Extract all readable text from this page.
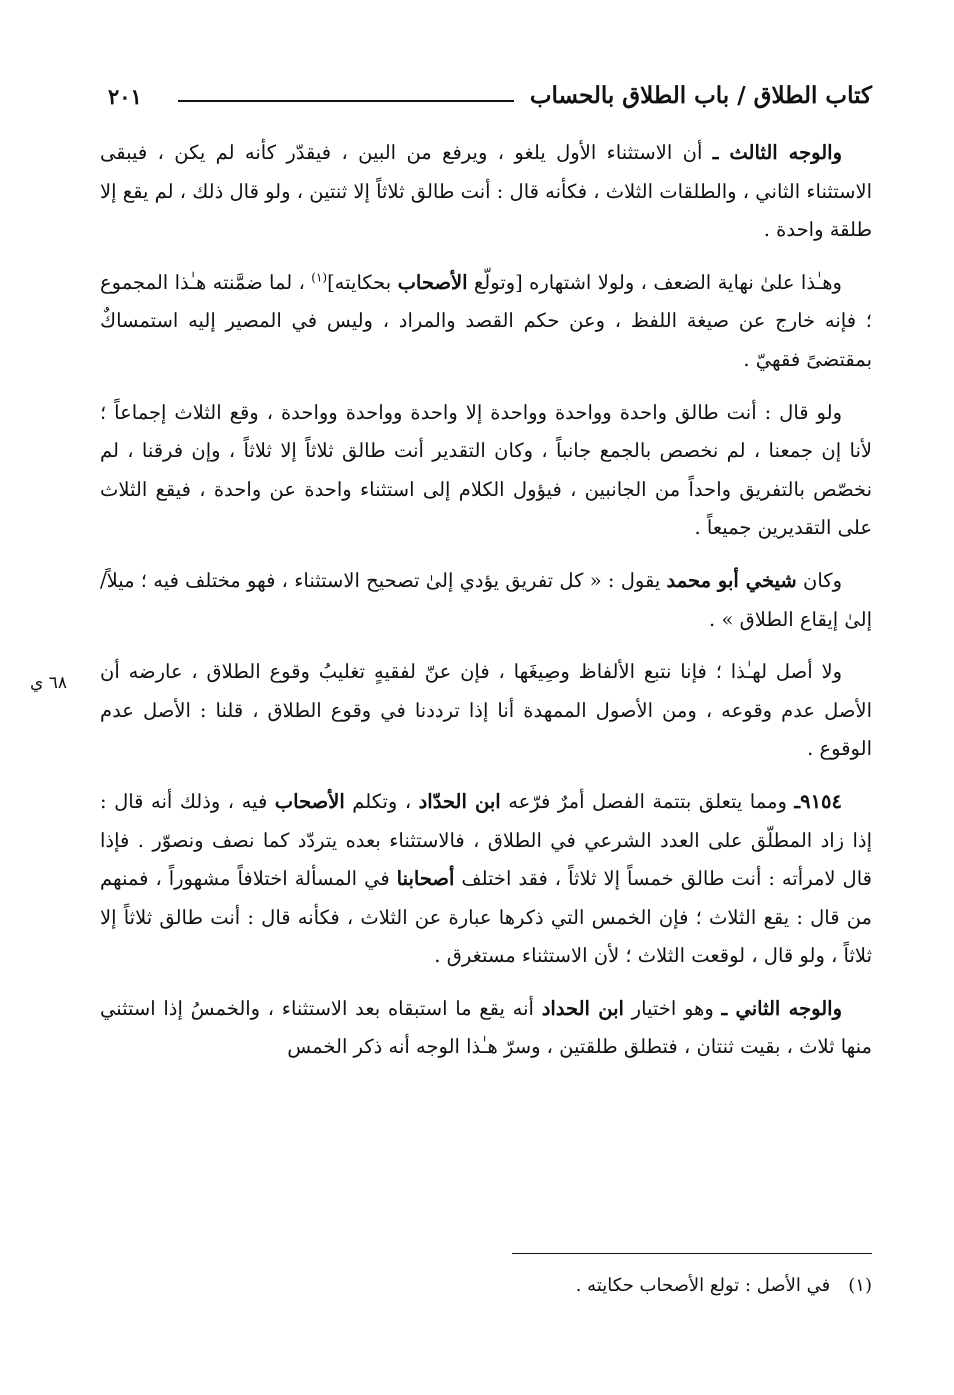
كتاب الطلاق / باب الطلاق بالحساب
٢٠١

والوجه الثالث ـ أن الاستثناء الأول يلغو ، ويرفع من البين ، فيقدّر كأنه لم يكن ، فيبقى الاستثناء الثاني ، والطلقات الثلاث ، فكأنه قال : أنت طالق ثلاثاً إلا ثنتين ، ولو قال ذلك ، لم يقع إلا طلقة واحدة .

وهـٰذا علىٰ نهاية الضعف ، ولولا اشتهاره [وتولّع الأصحاب بحكايته]$^{(١)}$ ، لما ضمَّنته هـٰذا المجموع ؛ فإنه خارج عن صيغة اللفظ ، وعن حكم القصد والمراد ، وليس في المصير إليه استمساكٌ بمقتضىً فقهيّ .

ولو قال : أنت طالق واحدة وواحدة وواحدة إلا واحدة وواحدة وواحدة ، وقع الثلاث إجماعاً ؛ لأنا إن جمعنا ، لم نخصص بالجمع جانباً ، وكان التقدير أنت طالق ثلاثاً إلا ثلاثاً ، وإن فرقنا ، لم نخصّص بالتفريق واحداً من الجانبين ، فيؤول الكلام إلى استثناء واحدة عن واحدة ، فيقع الثلاث على التقديرين جميعاً .

وكان شيخي أبو محمد يقول : « كل تفريق يؤدي إلىٰ تصحيح الاستثناء ، فهو مختلف فيه ؛ ميلاً/ إلىٰ إيقاع الطلاق » .

ولا أصل لهـٰذا ؛ فإنا نتبع الألفاظ وصِيغَها ، فإن عنّ لفقيهٍ تغليبُ وقوع الطلاق ، عارضه أن الأصل عدم وقوعه ، ومن الأصول الممهدة أنا إذا ترددنا في وقوع الطلاق ، قلنا : الأصل عدم الوقوع .

٩١٥٤ـ ومما يتعلق بتتمة الفصل أمرٌ فرّعه ابن الحدّاد ، وتكلم الأصحاب فيه ، وذلك أنه قال : إذا زاد المطلّق على العدد الشرعي في الطلاق ، فالاستثناء بعده يتردّد كما نصف ونصوّر . فإذا قال لامرأته : أنت طالق خمساً إلا ثلاثاً ، فقد اختلف أصحابنا في المسألة اختلافاً مشهوراً ، فمنهم من قال : يقع الثلاث ؛ فإن الخمس التي ذكرها عبارة عن الثلاث ، فكأنه قال : أنت طالق ثلاثاً إلا ثلاثاً ، ولو قال ، لوقعت الثلاث ؛ لأن الاستثناء مستغرق .

والوجه الثاني ـ وهو اختيار ابن الحداد أنه يقع ما استبقاه بعد الاستثناء ، والخمسُ إذا استثني منها ثلاث ، بقيت ثنتان ، فتطلق طلقتين ، وسرّ هـٰذا الوجه أنه ذكر الخمس

٦٨ ي
(١)في الأصل : تولع الأصحاب حكايته .
